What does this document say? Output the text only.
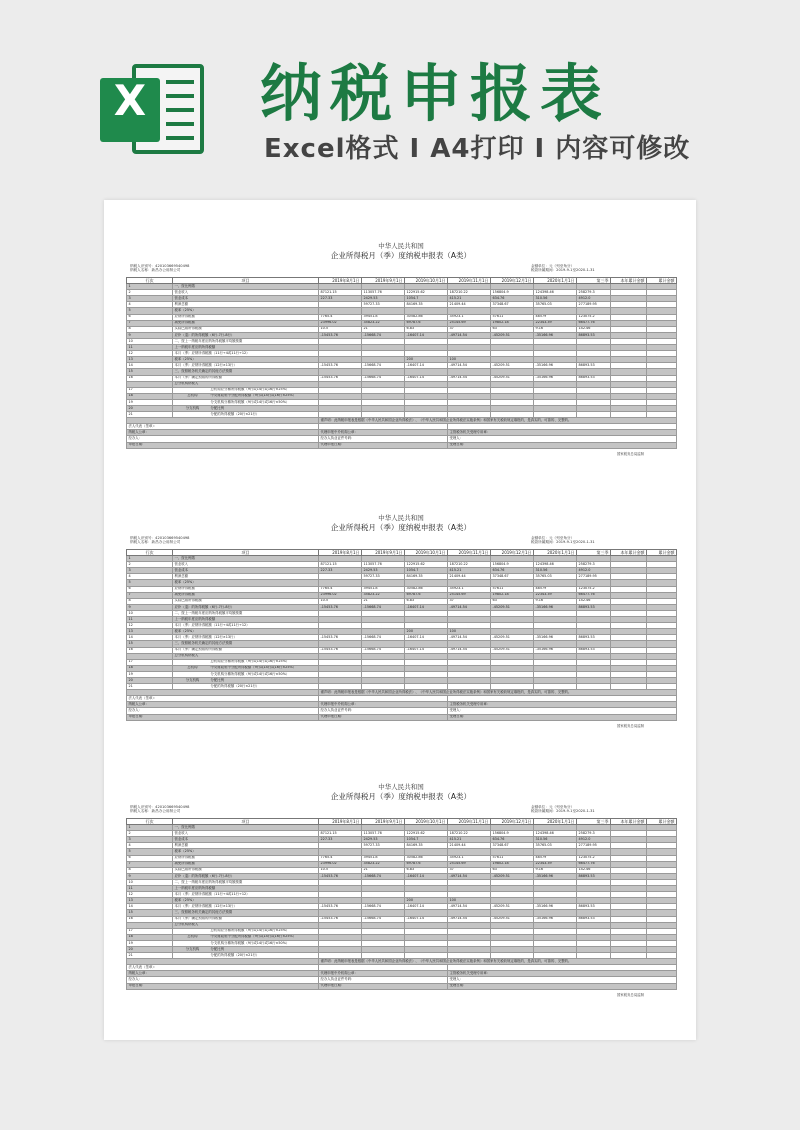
X 纳税申报表
Excel格式 I A4打印 I 内容可修改
中华人民共和国
企业所得税月（季）度纳税申报表（A类）
纳税人识别号：420103669540498
纳税人名称：新昌办公用制公司
金额单位：元（列至角分）
税款所属期间：2019-9-1至2020-1-31
行次	项目	2019年8月1日	2019年9月1日	2019年10月1日	2019年11月1日	2019年12月1日	2020年1月1日	第三季	本年累计金额	累计金额
1	一、按比例缴									
2	营业收入	87121.15	113057.76	122915.62	187210.22	156804.9	124398.46	258279.3		
3	营业成本	227.33	2429.53	1054.7	415.21	634.76	310.56	4912.0		
4	利润总额		59727.33	84169.35	21409.44	37348.67	35765.03	277189.95		
5	税率（25%）									
6	应纳所得税额	7765.4	39451.8	30582.86	35923.1	57611	48579	123075.2		
7	减免所得税额	23996.02	35823.22	69787.6	25145.69	19802.18	22343.39	66477.76		
8	实际已缴所得税额	10.5	21	6.83	37	63	9.16	142.46		
9	应补（退）的所得税额（6行-7行-8行）	-15453.76	-15668.74	-16407.14	-49714.54	-45209.51	-35166.96	86893.53		
10	二、按上一纳税年度应纳所得税额平均额预缴									
11	上一纳税年度应纳所得税额									
12	本月（季）应纳所得税额（11行÷4或11行÷12）									
13	税率（25%）			200	100					
14	本月（季）应纳所得税额（12行×13行）	-15453.76	-15668.74	-16407.14	-49714.54	-45209.51	-35166.96	86893.53		
15	三、按照税务机关确定的其他方法预缴									
16	本月（季）确定预缴的所得税额	-15453.76	-15668.74	-16407.14	-49714.54	-45209.51	-35166.96	86893.53		
	总分机构纳税人									
17	总机构应分摊所得税额（9行或14行或16行×25%）									
18	总机构 中央财政集中分配所得税额（9行或14行或16行×25%）									
19	分支机构分摊所得税额（9行或14行或16行×50%）									
20	分支机构 分配比例									
21	分配的所得税额（20行×21行）									
		谨声明：此纳税申报表是根据《中华人民共和国企业所得税法》、《中华人民共和国企业所得税法实施条例》和国家有关税收规定填报的，是真实的、可靠的、完整的。								
法人代表（签章）：										
纳税人公章：		代理申报中介机构公章：			主管税务机关受理专用章：					
经办人：		经办人执业证件号码：			受理人：					
申报日期：		代理申报日期：			受理日期：					
国家税务总局监制
中华人民共和国
企业所得税月（季）度纳税申报表（A类）
纳税人识别号：420103669540498
纳税人名称：新昌办公用制公司
金额单位：元（列至角分）
税款所属期间：2019-9-1至2020-1-31
行次	项目	2019年8月1日	2019年9月1日	2019年10月1日	2019年11月1日	2019年12月1日	2020年1月1日	第三季	本年累计金额	累计金额
1	一、按比例缴									
2	营业收入	87121.15	113057.76	122915.62	187210.22	156804.9	124398.46	258279.3		
3	营业成本	227.33	2429.53	1054.7	415.21	634.76	310.56	4912.0		
4	利润总额		59727.33	84169.35	21409.44	37348.67	35765.03	277189.95		
5	税率（25%）									
6	应纳所得税额	7765.4	39451.8	30582.86	35923.1	57611	48579	123075.2		
7	减免所得税额	23996.02	35823.22	69787.6	25145.69	19802.18	22343.39	66477.76		
8	实际已缴所得税额	10.5	21	6.83	37	63	9.16	142.46		
9	应补（退）的所得税额（6行-7行-8行）	-15453.76	-15668.74	-16407.14	-49714.54	-45209.51	-35166.96	86893.53		
10	二、按上一纳税年度应纳所得税额平均额预缴									
11	上一纳税年度应纳所得税额									
12	本月（季）应纳所得税额（11行÷4或11行÷12）									
13	税率（25%）			200	100					
14	本月（季）应纳所得税额（12行×13行）	-15453.76	-15668.74	-16407.14	-49714.54	-45209.51	-35166.96	86893.53		
15	三、按照税务机关确定的其他方法预缴									
16	本月（季）确定预缴的所得税额	-15453.76	-15668.74	-16407.14	-49714.54	-45209.51	-35166.96	86893.53		
	总分机构纳税人									
17	总机构应分摊所得税额（9行或14行或16行×25%）									
18	总机构 中央财政集中分配所得税额（9行或14行或16行×25%）									
19	分支机构分摊所得税额（9行或14行或16行×50%）									
20	分支机构 分配比例									
21	分配的所得税额（20行×21行）									
		谨声明：此纳税申报表是根据《中华人民共和国企业所得税法》、《中华人民共和国企业所得税法实施条例》和国家有关税收规定填报的，是真实的、可靠的、完整的。								
法人代表（签章）：										
纳税人公章：		代理申报中介机构公章：			主管税务机关受理专用章：					
经办人：		经办人执业证件号码：			受理人：					
申报日期：		代理申报日期：			受理日期：					
国家税务总局监制
中华人民共和国
企业所得税月（季）度纳税申报表（A类）
纳税人识别号：420103669540498
纳税人名称：新昌办公用制公司
金额单位：元（列至角分）
税款所属期间：2019-9-1至2020-1-31
行次	项目	2019年8月1日	2019年9月1日	2019年10月1日	2019年11月1日	2019年12月1日	2020年1月1日	第三季	本年累计金额	累计金额
1	一、按比例缴									
2	营业收入	87121.15	113057.76	122915.62	187210.22	156804.9	124398.46	258279.3		
3	营业成本	227.33	2429.53	1054.7	415.21	634.76	310.56	4912.0		
4	利润总额		59727.33	84169.35	21409.44	37348.67	35765.03	277189.95		
5	税率（25%）									
6	应纳所得税额	7765.4	39451.8	30582.86	35923.1	57611	48579	123075.2		
7	减免所得税额	23996.02	35823.22	69787.6	25145.69	19802.18	22343.39	66477.76		
8	实际已缴所得税额	10.5	21	6.83	37	63	9.16	142.46		
9	应补（退）的所得税额（6行-7行-8行）	-15453.76	-15668.74	-16407.14	-49714.54	-45209.51	-35166.96	86893.53		
10	二、按上一纳税年度应纳所得税额平均额预缴									
11	上一纳税年度应纳所得税额									
12	本月（季）应纳所得税额（11行÷4或11行÷12）									
13	税率（25%）			200	100					
14	本月（季）应纳所得税额（12行×13行）	-15453.76	-15668.74	-16407.14	-49714.54	-45209.51	-35166.96	86893.53		
15	三、按照税务机关确定的其他方法预缴									
16	本月（季）确定预缴的所得税额	-15453.76	-15668.74	-16407.14	-49714.54	-45209.51	-35166.96	86893.53		
	总分机构纳税人									
17	总机构应分摊所得税额（9行或14行或16行×25%）									
18	总机构 中央财政集中分配所得税额（9行或14行或16行×25%）									
19	分支机构分摊所得税额（9行或14行或16行×50%）									
20	分支机构 分配比例									
21	分配的所得税额（20行×21行）									
		谨声明：此纳税申报表是根据《中华人民共和国企业所得税法》、《中华人民共和国企业所得税法实施条例》和国家有关税收规定填报的，是真实的、可靠的、完整的。								
法人代表（签章）：										
纳税人公章：		代理申报中介机构公章：			主管税务机关受理专用章：					
经办人：		经办人执业证件号码：			受理人：					
申报日期：		代理申报日期：			受理日期：					
国家税务总局监制
